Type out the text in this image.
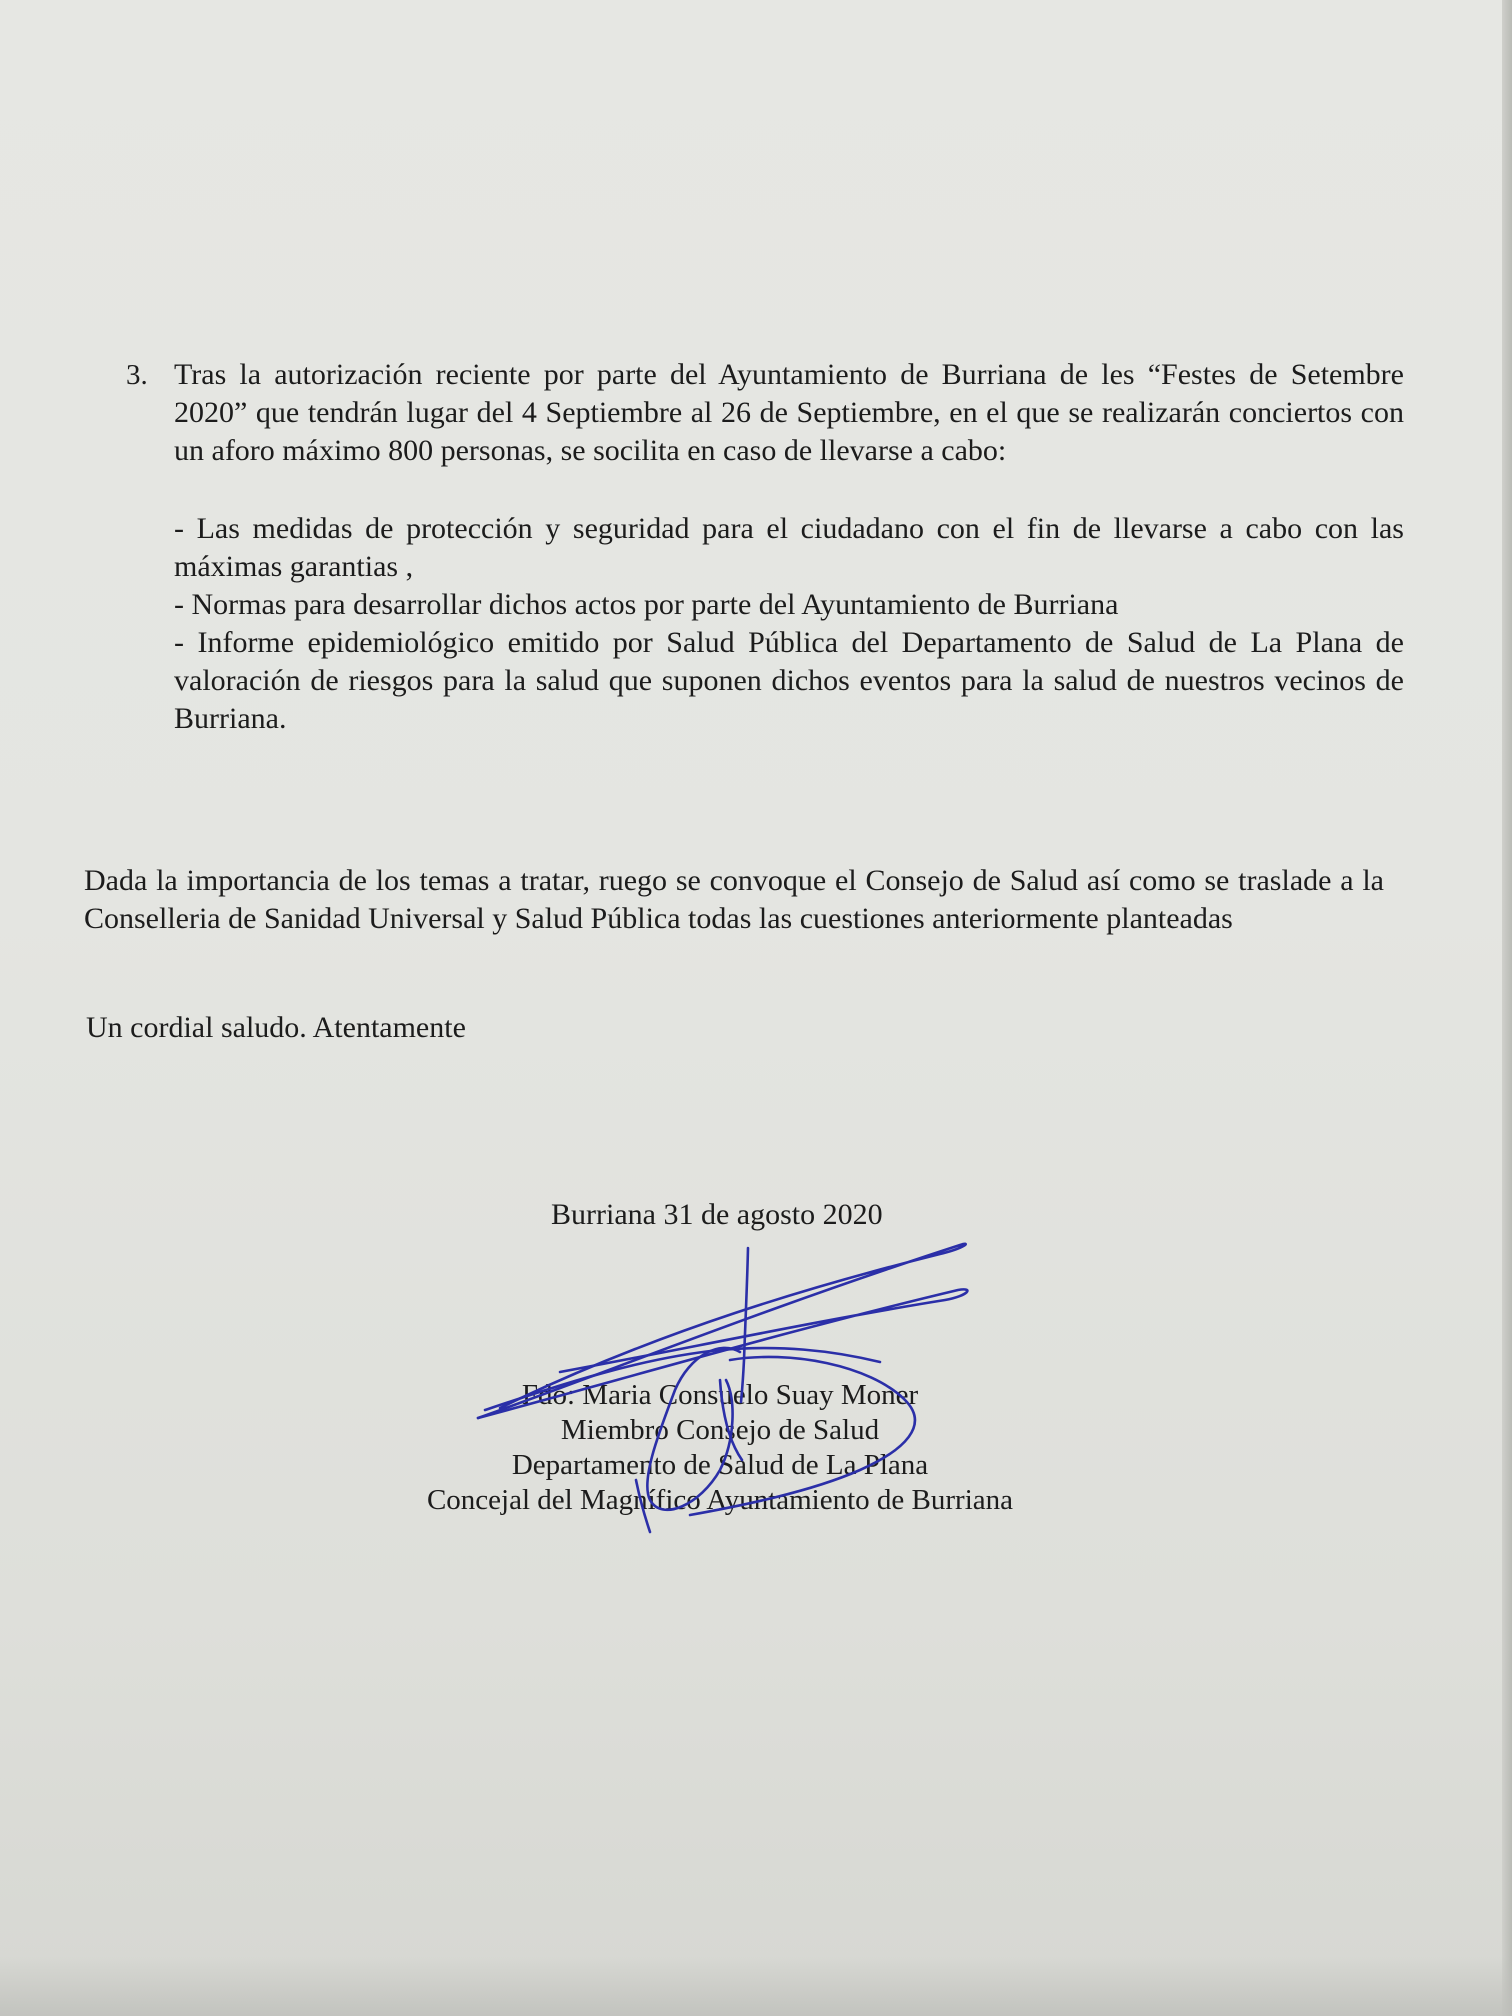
3. Tras la autorización reciente por parte del Ayuntamiento de Burriana de les “Festes de Setembre 2020” que tendrán lugar del 4 Septiembre al 26 de Septiembre, en el que se realizarán conciertos con un aforo máximo 800 personas, se socilita en caso de llevarse a cabo:

- Las medidas de protección y seguridad para el ciudadano con el fin de llevarse a cabo con las máximas garantias ,

- Normas para desarrollar dichos actos por parte del Ayuntamiento de Burriana

- Informe epidemiológico emitido por Salud Pública del Departamento de Salud de La Plana de valoración de riesgos para la salud que suponen dichos eventos para la salud de nuestros vecinos de Burriana.

Dada la importancia de los temas a tratar, ruego se convoque el Consejo de Salud así como se traslade a la Conselleria de Sanidad Universal y Salud Pública todas las cuestiones anteriormente planteadas

Un cordial saludo. Atentamente

Burriana 31 de agosto 2020

Fdo: Maria Consuelo Suay Moner
Miembro Consejo de Salud
Departamento de Salud de La Plana
Concejal del Magnífico Ayuntamiento de Burriana
